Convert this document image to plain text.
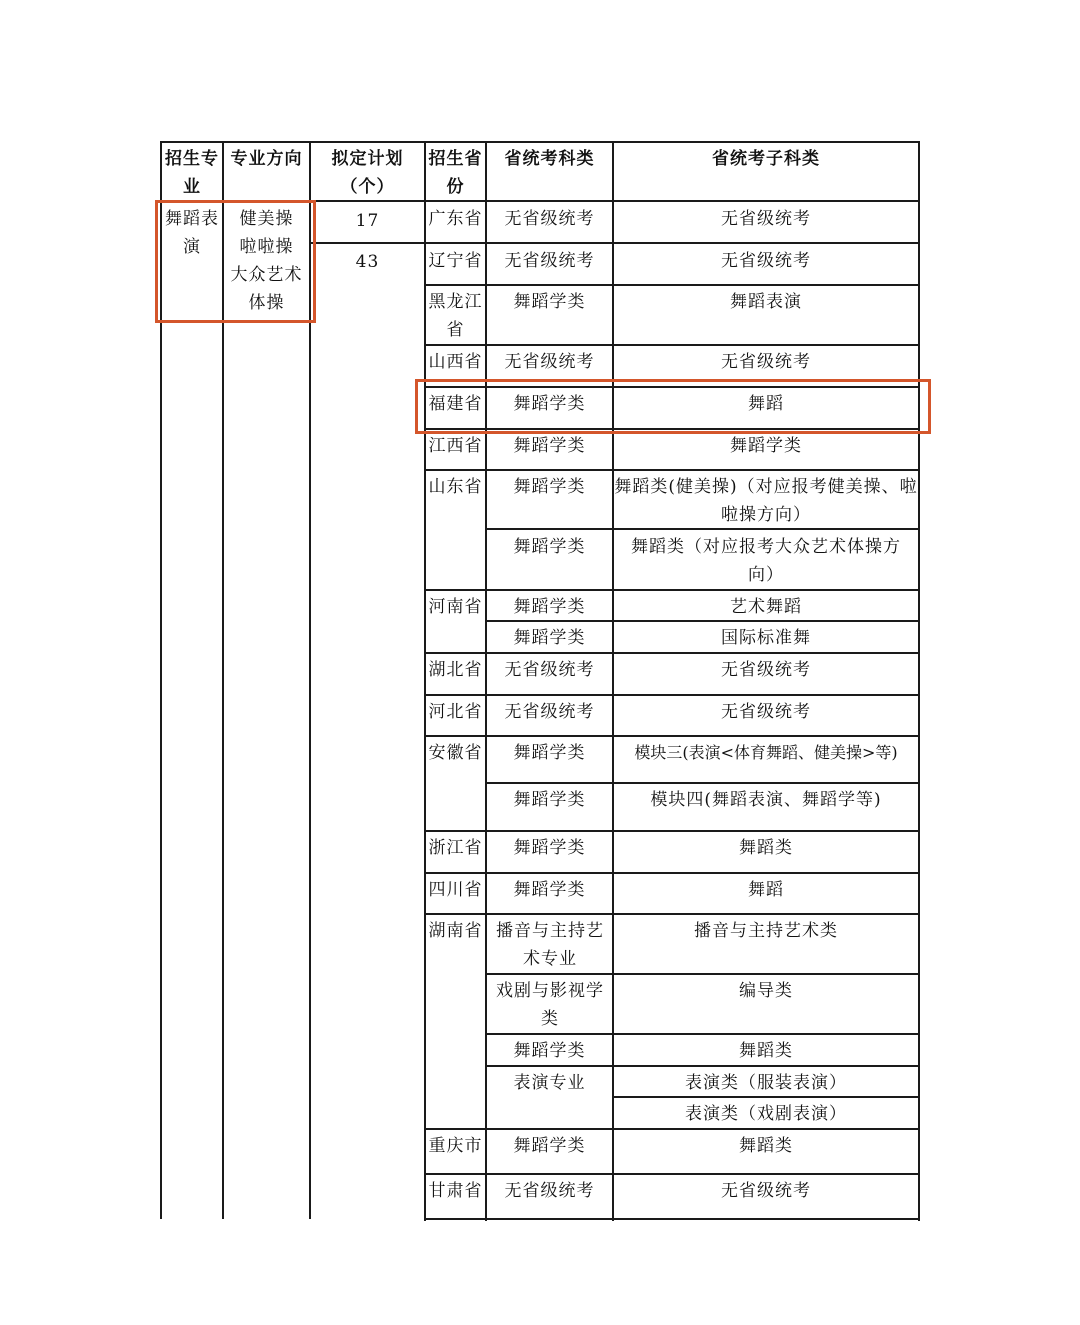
招生专业
专业方向	拟定计划
（个）
招生省份
省统考科类	省统考子科类
舞蹈表演
健美操
啦啦操
大众艺术
体操
17
43
广东省
辽宁省
黑龙江省
山西省
福建省
江西省
山东省
河南省
湖北省
河北省
安徽省
浙江省
四川省
湖南省
重庆市
甘肃省
无省级统考
无省级统考
舞蹈学类
无省级统考
舞蹈学类
舞蹈学类
舞蹈学类
舞蹈学类
舞蹈学类
舞蹈学类
无省级统考
无省级统考
舞蹈学类
舞蹈学类
舞蹈学类
舞蹈学类
播音与主持艺术专业
戏剧与影视学类
舞蹈学类
表演专业
舞蹈学类
无省级统考
无省级统考
无省级统考
舞蹈表演
无省级统考
舞蹈
舞蹈学类
舞蹈类(健美操)（对应报考健美操、啦啦操方向）
舞蹈类（对应报考大众艺术体操方向）
艺术舞蹈
国际标准舞
无省级统考
无省级统考
模块三(表演<体育舞蹈、健美操>等)
模块四(舞蹈表演、舞蹈学等)
舞蹈类
舞蹈
播音与主持艺术类
编导类
舞蹈类
表演类（服装表演）
表演类（戏剧表演）
舞蹈类
无省级统考
